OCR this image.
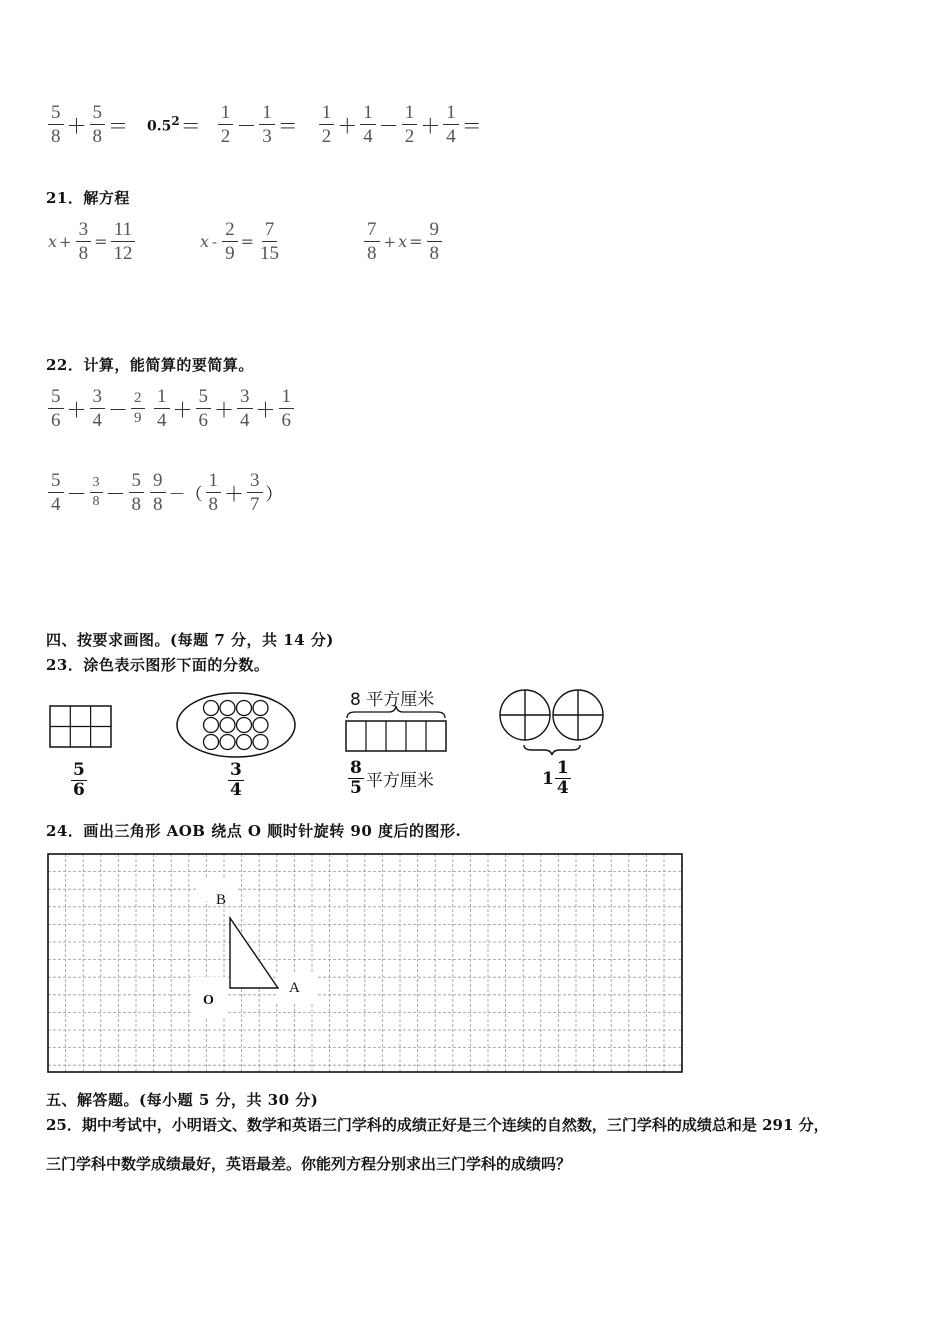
$\frac{5}{8} + \frac{5}{8} = 0.5^2 = \frac{1}{2} - \frac{1}{3} = \frac{1}{2} + \frac{1}{4} - \frac{1}{2} + \frac{1}{4}$ ＝
21．解方程
$x + \frac{3}{8} = \frac{11}{12}$	$x - \frac{2}{9} = \frac{7}{15}$	$\frac{7}{8} + x = \frac{9}{8}$
22．计算，能简算的要简算。
$\frac{5}{6} + \frac{3}{4} - \frac{2}{9} \frac{1}{4} + \frac{5}{6} + \frac{3}{4} + \frac{1}{6}$
$\frac{5}{4} - \frac{3}{8} - \frac{5}{8} \frac{9}{8}$ －（ $\frac{1}{8} + \frac{3}{7}$ ）
四、按要求画图。(每题 7 分，共 14 分)
23．涂色表示图形下面的分数。
$\frac{5}{6}$	$\frac{3}{4}$
8 平方厘米
$\frac{8}{5}$ 平方厘米	$1 \frac{1}{4}$
24．画出三角形 AOB 绕点 O 顺时针旋转 90 度后的图形.
B
A
O
五、解答题。(每小题 5 分，共 30 分)
25．期中考试中，小明语文、数学和英语三门学科的成绩正好是三个连续的自然数，三门学科的成绩总和是 291 分，
三门学科中数学成绩最好，英语最差。你能列方程分别求出三门学科的成绩吗？
